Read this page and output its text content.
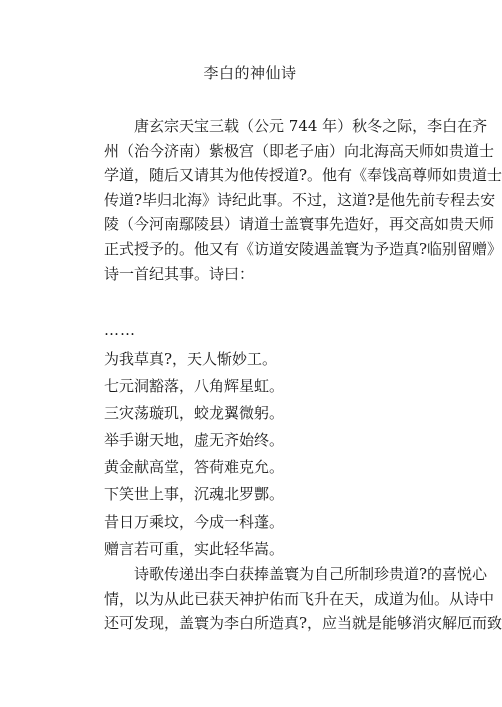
李白的神仙诗
唐玄宗天宝三载（公元 744 年）秋冬之际，李白在齐
州（治今济南）紫极宫（即老子庙）向北海高天师如贵道士
学道，随后又请其为他传授道?。他有《奉饯高尊师如贵道士
传道?毕归北海》诗纪此事。不过，这道?是他先前专程去安
陵（今河南鄢陵县）请道士盖寰事先造好，再交高如贵天师
正式授予的。他又有《访道安陵遇盖寰为予造真?临别留赠》
诗一首纪其事。诗曰：
……
为我草真?，天人惭妙工。
七元洞豁落，八角辉星虹。
三灾荡璇玑，蛟龙翼微躬。
举手谢天地，虚无齐始终。
黄金献高堂，答荷难克允。
下笑世上事，沉魂北罗酆。
昔日万乘坟，今成一科蓬。
赠言若可重，实此轻华嵩。
诗歌传递出李白获捧盖寰为自己所制珍贵道?的喜悦心
情，以为从此已获天神护佑而飞升在天，成道为仙。从诗中
还可发现，盖寰为李白所造真?，应当就是能够消灾解厄而致
